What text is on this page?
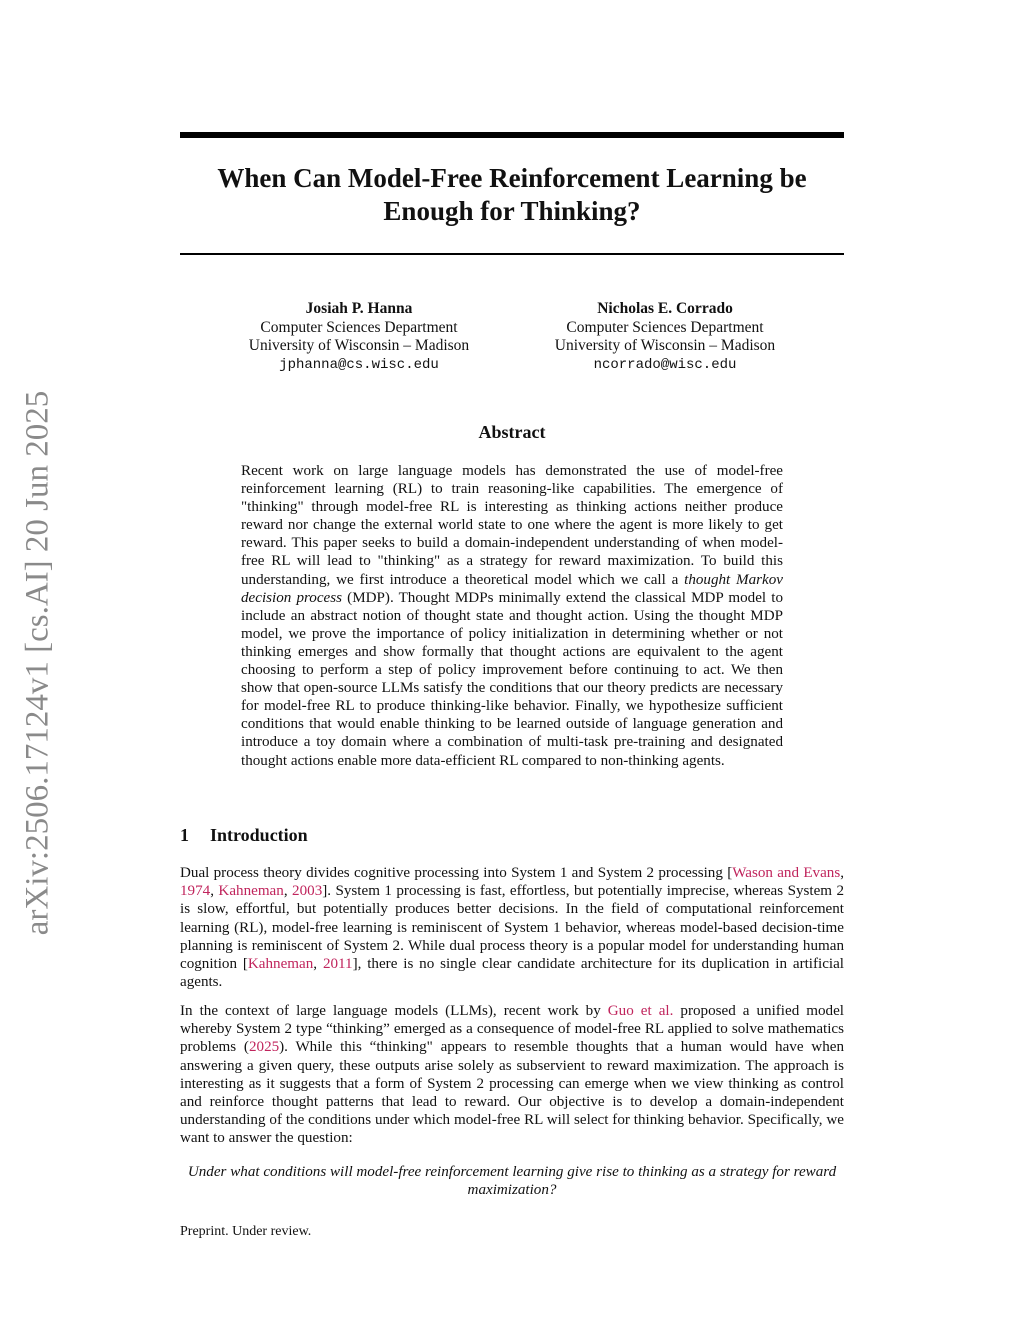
arXiv:2506.17124v1 [cs.AI] 20 Jun 2025
When Can Model-Free Reinforcement Learning be Enough for Thinking?
Josiah P. Hanna
Computer Sciences Department
University of Wisconsin – Madison
jphanna@cs.wisc.edu
Nicholas E. Corrado
Computer Sciences Department
University of Wisconsin – Madison
ncorrado@wisc.edu
Abstract

Recent work on large language models has demonstrated the use of model-free reinforcement learning (RL) to train reasoning-like capabilities. The emergence of "thinking" through model-free RL is interesting as thinking actions neither produce reward nor change the external world state to one where the agent is more likely to get reward. This paper seeks to build a domain-independent understanding of when model-free RL will lead to "thinking" as a strategy for reward maximization. To build this understanding, we first introduce a theoretical model which we call a thought Markov decision process (MDP). Thought MDPs minimally extend the classical MDP model to include an abstract notion of thought state and thought action. Using the thought MDP model, we prove the importance of policy initialization in determining whether or not thinking emerges and show formally that thought actions are equivalent to the agent choosing to perform a step of policy improvement before continuing to act. We then show that open-source LLMs satisfy the conditions that our theory predicts are necessary for model-free RL to produce thinking-like behavior. Finally, we hypothesize sufficient conditions that would enable thinking to be learned outside of language generation and introduce a toy domain where a combination of multi-task pre-training and designated thought actions enable more data-efficient RL compared to non-thinking agents.

1 Introduction

Dual process theory divides cognitive processing into System 1 and System 2 processing [Wason and Evans, 1974, Kahneman, 2003]. System 1 processing is fast, effortless, but potentially imprecise, whereas System 2 is slow, effortful, but potentially produces better decisions. In the field of computational reinforcement learning (RL), model-free learning is reminiscent of System 1 behavior, whereas model-based decision-time planning is reminiscent of System 2. While dual process theory is a popular model for understanding human cognition [Kahneman, 2011], there is no single clear candidate architecture for its duplication in artificial agents.

In the context of large language models (LLMs), recent work by Guo et al. proposed a unified model whereby System 2 type “thinking” emerged as a consequence of model-free RL applied to solve mathematics problems (2025). While this “thinking" appears to resemble thoughts that a human would have when answering a given query, these outputs arise solely as subservient to reward maximization. The approach is interesting as it suggests that a form of System 2 processing can emerge when we view thinking as control and reinforce thought patterns that lead to reward. Our objective is to develop a domain-independent understanding of the conditions under which model-free RL will select for thinking behavior. Specifically, we want to answer the question:

Under what conditions will model-free reinforcement learning give rise to thinking as a strategy for reward maximization?

Preprint. Under review.
